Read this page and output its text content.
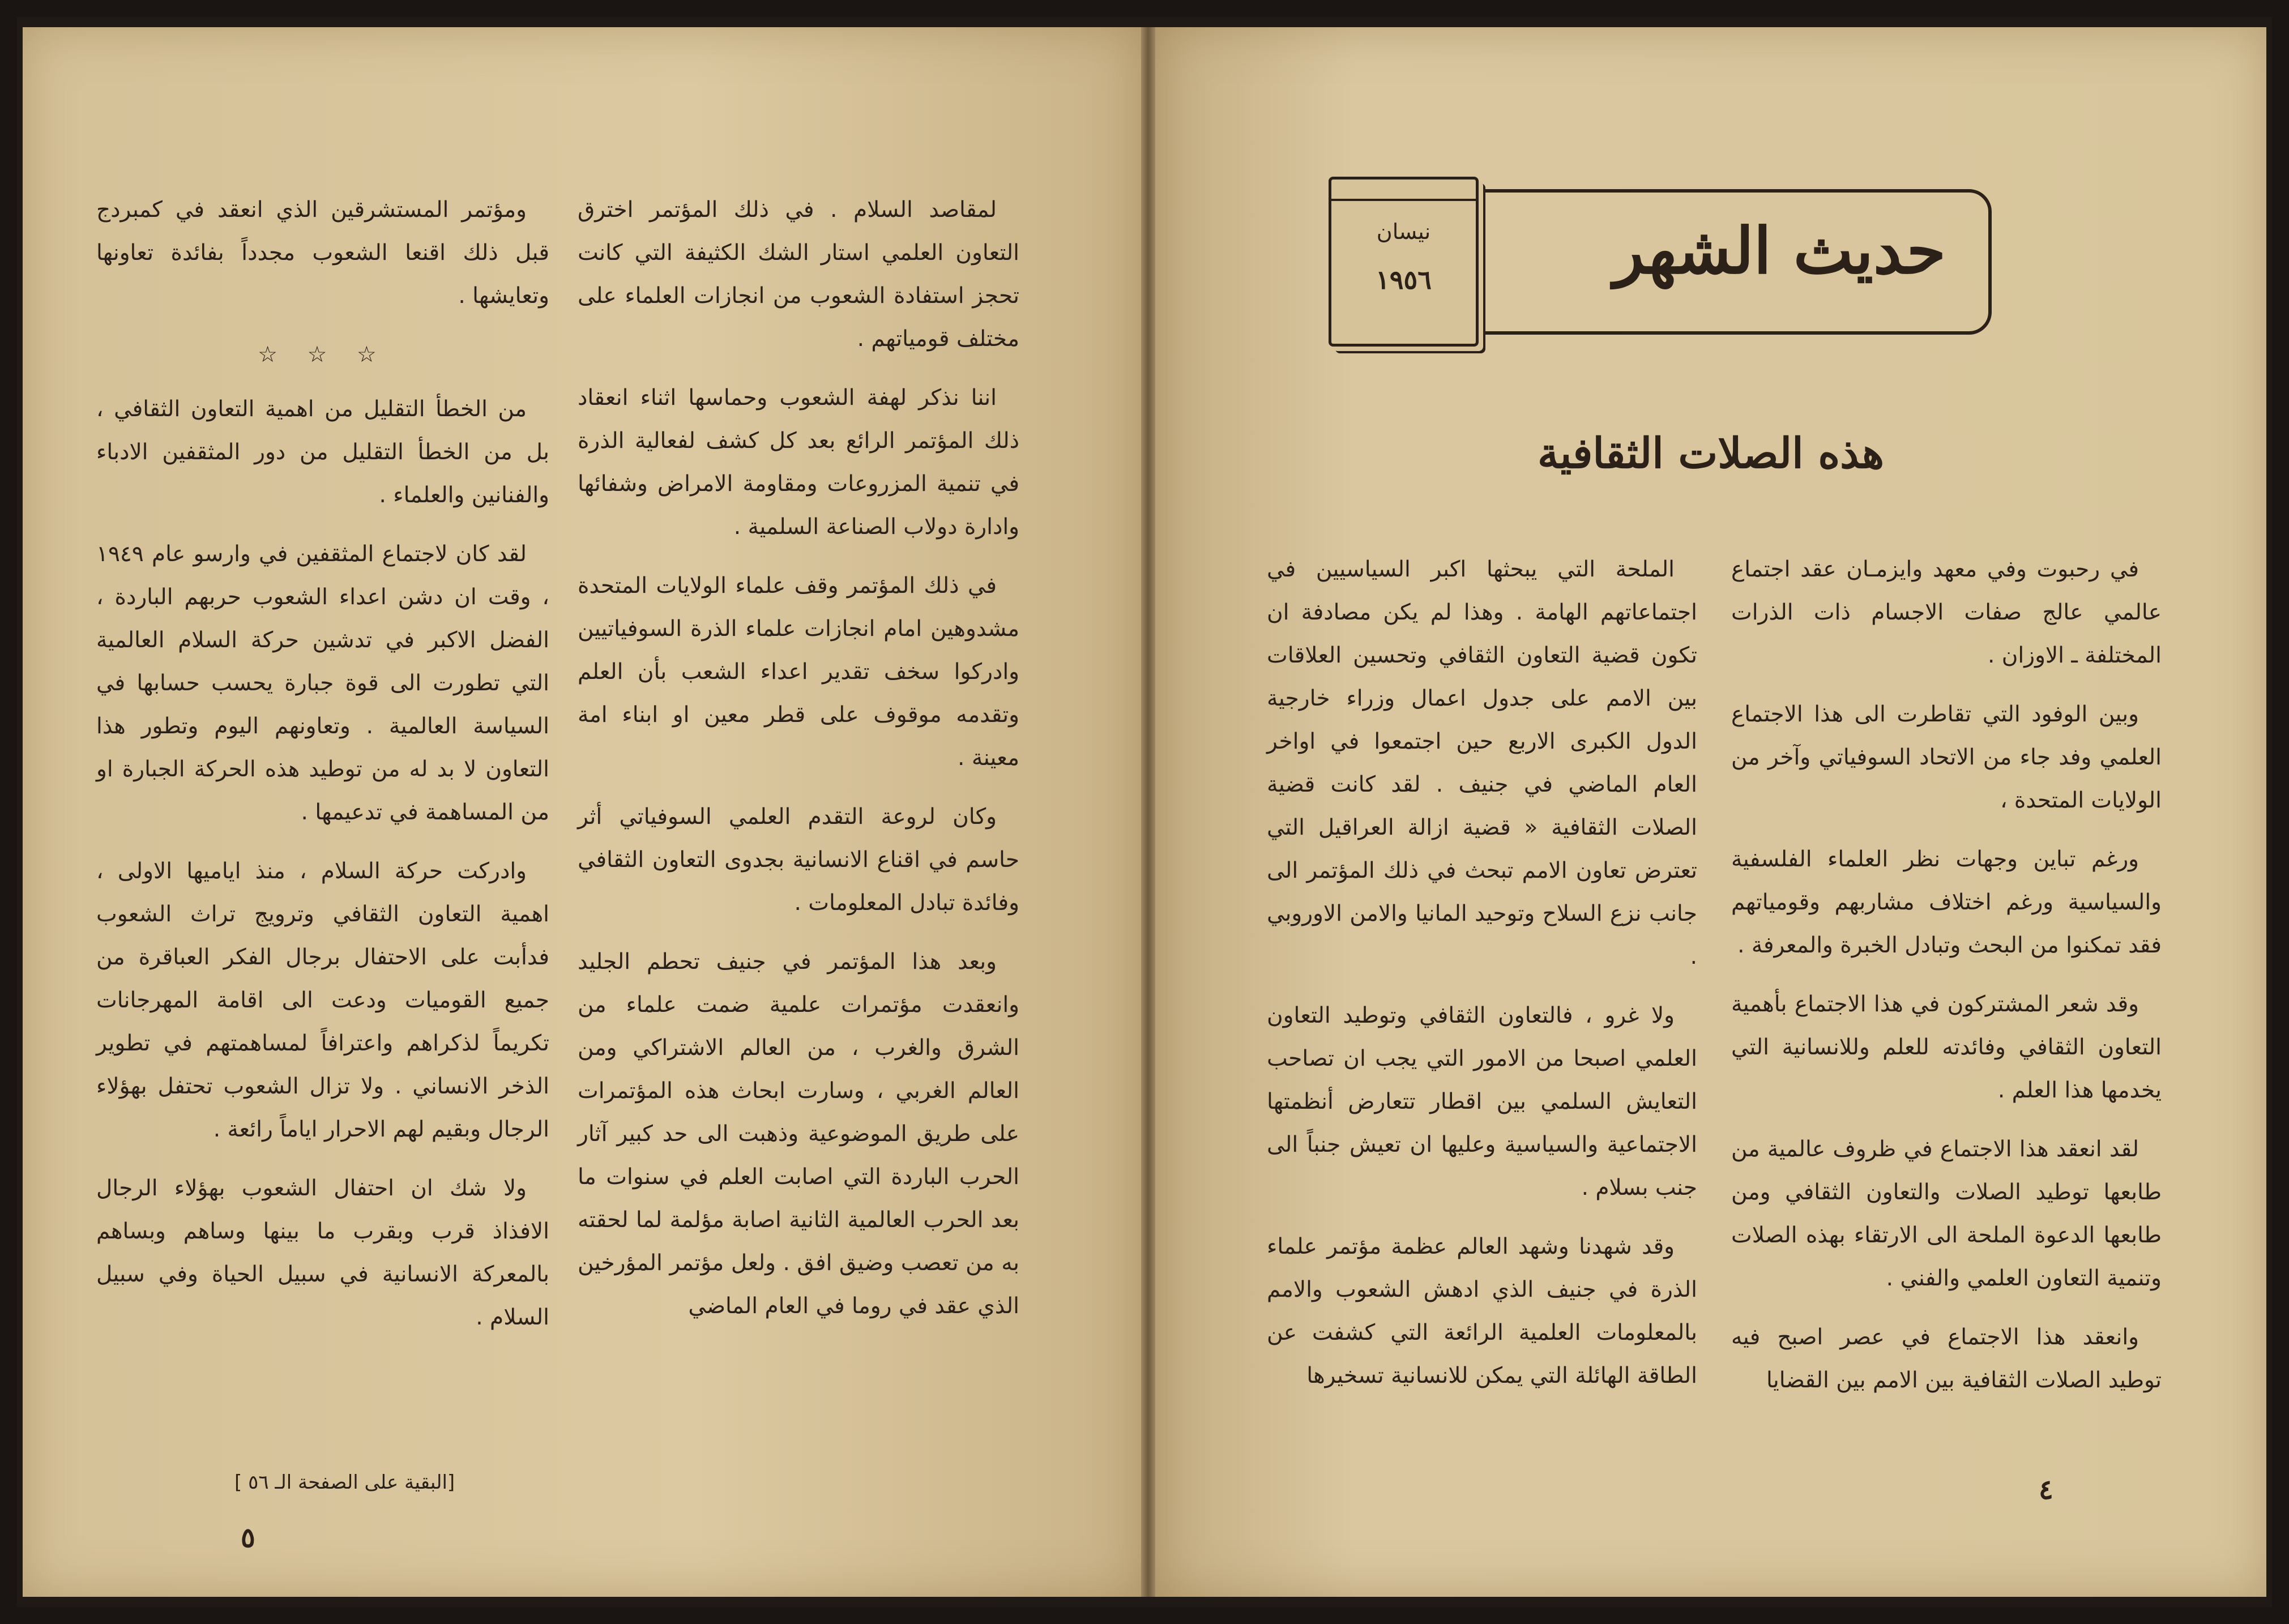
لمقاصد السلام . في ذلك المؤتمر اخترق التعاون العلمي استار الشك الكثيفة التي كانت تحجز استفادة الشعوب من انجازات العلماء على مختلف قومياتهم .

اننا نذكر لهفة الشعوب وحماسها اثناء انعقاد ذلك المؤتمر الرائع بعد كل كشف لفعالية الذرة في تنمية المزروعات ومقاومة الامراض وشفائها وادارة دولاب الصناعة السلمية .

في ذلك المؤتمر وقف علماء الولايات المتحدة مشدوهين امام انجازات علماء الذرة السوفياتيين وادركوا سخف تقدير اعداء الشعب بأن العلم وتقدمه موقوف على قطر معين او ابناء امة معينة .

وكان لروعة التقدم العلمي السوفياتي أثر حاسم في اقناع الانسانية بجدوى التعاون الثقافي وفائدة تبادل المعلومات .

وبعد هذا المؤتمر في جنيف تحطم الجليد وانعقدت مؤتمرات علمية ضمت علماء من الشرق والغرب ، من العالم الاشتراكي ومن العالم الغربي ، وسارت ابحاث هذه المؤتمرات على طريق الموضوعية وذهبت الى حد كبير آثار الحرب الباردة التي اصابت العلم في سنوات ما بعد الحرب العالمية الثانية اصابة مؤلمة لما لحقته به من تعصب وضيق افق . ولعل مؤتمر المؤرخين الذي عقد في روما في العام الماضي

ومؤتمر المستشرقين الذي انعقد في كمبردج قبل ذلك اقنعا الشعوب مجدداً بفائدة تعاونها وتعايشها .

☆ ☆ ☆

من الخطأ التقليل من اهمية التعاون الثقافي ، بل من الخطأ التقليل من دور المثقفين الادباء والفنانين والعلماء .

لقد كان لاجتماع المثقفين في وارسو عام ١٩٤٩ ، وقت ان دشن اعداء الشعوب حربهم الباردة ، الفضل الاكبر في تدشين حركة السلام العالمية التي تطورت الى قوة جبارة يحسب حسابها في السياسة العالمية . وتعاونهم اليوم وتطور هذا التعاون لا بد له من توطيد هذه الحركة الجبارة او من المساهمة في تدعيمها .

وادركت حركة السلام ، منذ اياميها الاولى ، اهمية التعاون الثقافي وترويج تراث الشعوب فدأبت على الاحتفال برجال الفكر العباقرة من جميع القوميات ودعت الى اقامة المهرجانات تكريماً لذكراهم واعترافاً لمساهمتهم في تطوير الذخر الانساني . ولا تزال الشعوب تحتفل بهؤلاء الرجال وبقيم لهم الاحرار اياماً رائعة .

ولا شك ان احتفال الشعوب بهؤلاء الرجال الافذاذ قرب وبقرب ما بينها وساهم وبساهم بالمعركة الانسانية في سبيل الحياة وفي سبيل السلام .

[ البقية على الصفحة الـ ٥٦ ]
٥
نيسان
١٩٥٦	حديث الشهر
هذه الصلات الثقافية

في رحبوت وفي معهد وايزمـان عقد اجتماع عالمي عالج صفات الاجسام ذات الذرات المختلفة ـ الاوزان .

وبين الوفود التي تقاطرت الى هذا الاجتماع العلمي وفد جاء من الاتحاد السوفياتي وآخر من الولايات المتحدة ،

ورغم تباين وجهات نظر العلماء الفلسفية والسياسية ورغم اختلاف مشاربهم وقومياتهم فقد تمكنوا من البحث وتبادل الخبرة والمعرفة .

وقد شعر المشتركون في هذا الاجتماع بأهمية التعاون الثقافي وفائدته للعلم وللانسانية التي يخدمها هذا العلم .

لقد انعقد هذا الاجتماع في ظروف عالمية من طابعها توطيد الصلات والتعاون الثقافي ومن طابعها الدعوة الملحة الى الارتقاء بهذه الصلات وتنمية التعاون العلمي والفني .

وانعقد هذا الاجتماع في عصر اصبح فيه توطيد الصلات الثقافية بين الامم بين القضايا

الملحة التي يبحثها اكبر السياسيين في اجتماعاتهم الهامة . وهذا لم يكن مصادفة ان تكون قضية التعاون الثقافي وتحسين العلاقات بين الامم على جدول اعمال وزراء خارجية الدول الكبرى الاربع حين اجتمعوا في اواخر العام الماضي في جنيف . لقد كانت قضية الصلات الثقافية « قضية ازالة العراقيل التي تعترض تعاون الامم تبحث في ذلك المؤتمر الى جانب نزع السلاح وتوحيد المانيا والامن الاوروبي .

ولا غرو ، فالتعاون الثقافي وتوطيد التعاون العلمي اصبحا من الامور التي يجب ان تصاحب التعايش السلمي بين اقطار تتعارض أنظمتها الاجتماعية والسياسية وعليها ان تعيش جنباً الى جنب بسلام .

وقد شهدنا وشهد العالم عظمة مؤتمر علماء الذرة في جنيف الذي ادهش الشعوب والامم بالمعلومات العلمية الرائعة التي كشفت عن الطاقة الهائلة التي يمكن للانسانية تسخيرها

٤
